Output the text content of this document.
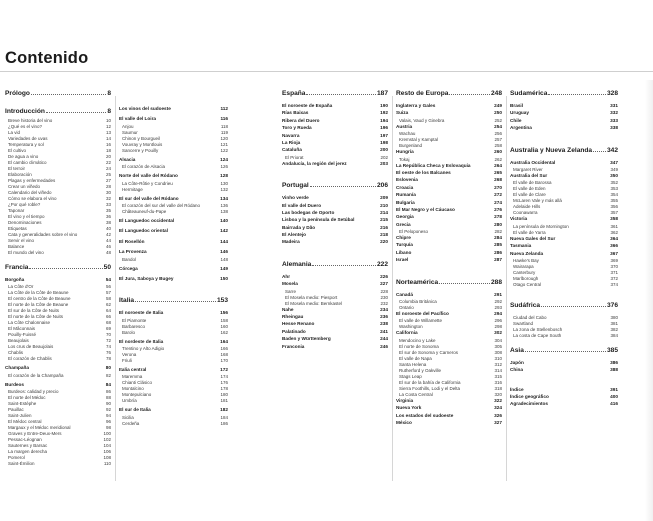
Contenido
Prólogo	8
Introducción	8
Breve historia del vino	10
¿Qué es el vino?	12
La vid	13
Variedades de uvas	14
Temperatura y sol	16
El cultivo	18
De agua a vino	20
El cambio climático	22
El terroir	24
Elaboración	25
Plagas y enfermedades	27
Crear un viñedo	28
Calendario del viñedo	30
Cómo se elabora el vino	32
¿Por qué roble?	33
Taponar	35
El vino y el tiempo	36
Denominaciones	38
Etiquetas	40
Cata y generalidades sobre el vino	42
Servir el vino	44
Balance	46
El mundo del vino	48
Francia	50
Borgoña	54
La Côte d'Or	56
La Côte de la Côte de Beaune	57
El centro de la Côte de Beaune	58
El norte de la Côte de Beaune	62
El sur de la Côte de Nuits	64
El norte de la Côte de Nuits	66
La Côte Chalonnaise	68
El Mâconnais	69
Pouilly-Fuissé	70
Beaujolais	72
Los crus de Beaujolais	74
Chablis	76
El corazón de Chablis	78
Champaña	80
El corazón de la Champaña	82
Burdeos	84
Burdeos: calidad y precio	86
El norte del Médoc	88
Saint-Estèphe	90
Pauillac	92
Saint-Julien	94
El Médoc central	96
Margaux y el Médoc meridional	98
Graves y Entre-Deux-Mers	100
Pessac-Léognan	102
Sauternes y Barsac	104
La margen derecha	106
Pomerol	108
Saint-Émilion	110
Los vinos del sudoeste	112
El valle del Loira	116
Anjou	118
Saumur	119
Chinon y Bourgueil	120
Vouvray y Montlouis	121
Sancerre y Pouilly	122
Alsacia	124
El corazón de Alsacia	126
Norte del valle del Ródano	128
La Côte-Rôtie y Condrieu	130
Hermitage	132
El sur del valle del Ródano	134
El corazón del sur del valle del Ródano	136
Châteauneuf-du-Pape	138
El Languedoc occidental	140
El Languedoc oriental	142
El Rosellón	144
La Provenza	146
Bandol	148
Córcega	149
El Jura, Saboya y Bugey	150
Italia	153
El noroeste de Italia	156
El Piamonte	158
Barbaresco	160
Barolo	162
El nordeste de Italia	164
Trentino y Alto Adigio	166
Verona	168
Friuli	170
Italia central	172
Maremma	174
Chianti Clásico	176
Montalcino	178
Montepulciano	180
Umbría	181
El sur de Italia	182
Sicilia	184
Cerdeña	186
España	187
El noroeste de España	190
Rías Baixas	192
Ribera del Duero	194
Toro y Rueda	196
Navarra	197
La Rioja	198
Cataluña	200
El Priorat	202
Andalucía, la región del jerez	203
Portugal	206
Vinho verde	209
El valle del Duero	210
Las bodegas de Oporto	214
Lisboa y la península de Setúbal	215
Bairrada y Dão	216
El Alentejo	218
Madeira	220
Alemania	222
Ahr	226
Mosela	227
Sarre	228
El Mosela medio: Piesport	230
El Mosela medio: Bernkastel	232
Nahe	234
Rheingau	236
Hesse Renano	238
Palatinado	241
Baden y Württemberg	244
Franconia	246
Resto de Europa	248
Inglaterra y Gales	249
Suiza	250
Valais, Vaud y Ginebra	252
Austria	254
Wachau	256
Kremstal y Kamptal	257
Burgenland	258
Hungría	260
Tokaj	262
La República Checa y Eslovaquia	264
El oeste de los Balcanes	265
Eslovenia	268
Croacia	270
Rumanía	272
Bulgaria	274
El Mar Negro y el Cáucaso	276
Georgia	278
Grecia	280
El Peloponeso	282
Chipre	284
Turquía	285
Líbano	286
Israel	287
Norteamérica	288
Canadá	291
Columbia Británica	292
Ontario	293
El noroeste del Pacífico	294
El valle de Willamette	296
Washington	298
California	302
Mendocino y Lake	304
El norte de Sonoma	305
El sur de Sonoma y Carneros	308
El valle de Napa	310
Santa Helena	312
Rutherford y Oakville	314
Stags Leap	315
El sur de la bahía de California	316
Sierra Foothills, Lodi y el Delta	318
La Costa Central	320
Virginia	322
Nueva York	324
Los estados del sudoeste	326
México	327
Sudamérica	328
Brasil	331
Uruguay	332
Chile	333
Argentina	338
Australia y Nueva Zelanda 342
Australia Occidental	347
Margaret River	349
Australia del Sur	350
El valle de Barossa	352
El valle de Eden	353
El valle de Clare	354
McLaren Vale y más allá	355
Adelaide Hills	356
Coonawarra	357
Victoria	358
La península de Mornington	361
El valle de Yarra	362
Nueva Gales del Sur	364
Tasmania	366
Nueva Zelanda	367
Hawke's Bay	369
Wairarapa	370
Canterbury	371
Marlborough	372
Otago Central	374
Sudáfrica	376
Ciudad del Cabo	380
Swartland	381
La zona de Stellenbosch	382
La costa de Cape South	384
Asia	385
Japón	386
China	388
Índice	391
Índice geográfico	400
Agradecimientos	416
